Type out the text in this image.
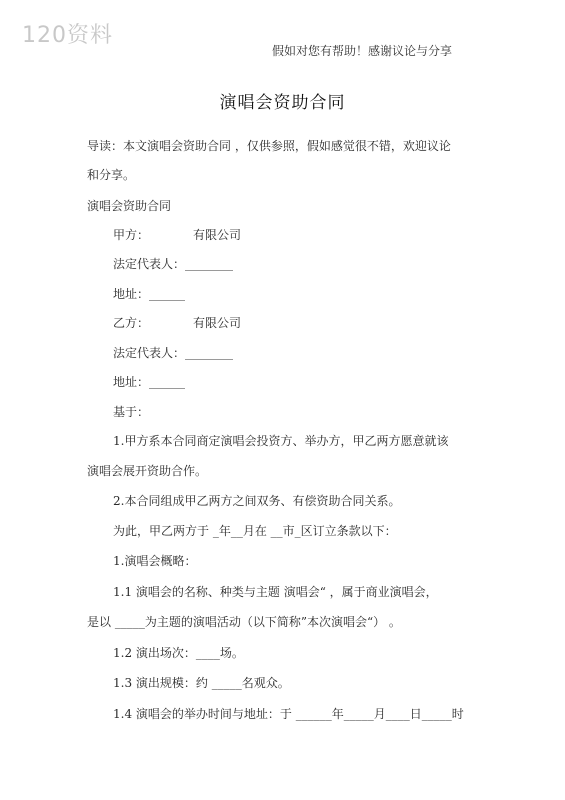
120资料
假如对您有帮助！感谢议论与分享
演唱会资助合同
导读：本文演唱会资助合同 ，仅供参照，假如感觉很不错，欢迎议论
和分享。
演唱会资助合同
甲方：	有限公司
法定代表人：________
地址：______
乙方：	有限公司
法定代表人：________
地址：______
基于：
1.甲方系本合同商定演唱会投资方、举办方，甲乙两方愿意就该
演唱会展开资助合作。
2.本合同组成甲乙两方之间双务、有偿资助合同关系。
为此，甲乙两方于 _年__月在 __市_区订立条款以下：
1.演唱会概略：
1.1 演唱会的名称、种类与主题 演唱会“ ，属于商业演唱会，
是以 _____为主题的演唱活动（以下简称”本次演唱会“） 。
1.2 演出场次：____场。
1.3 演出规模：约 _____名观众。
1.4 演唱会的举办时间与地址：于 ______年_____月____日_____时
